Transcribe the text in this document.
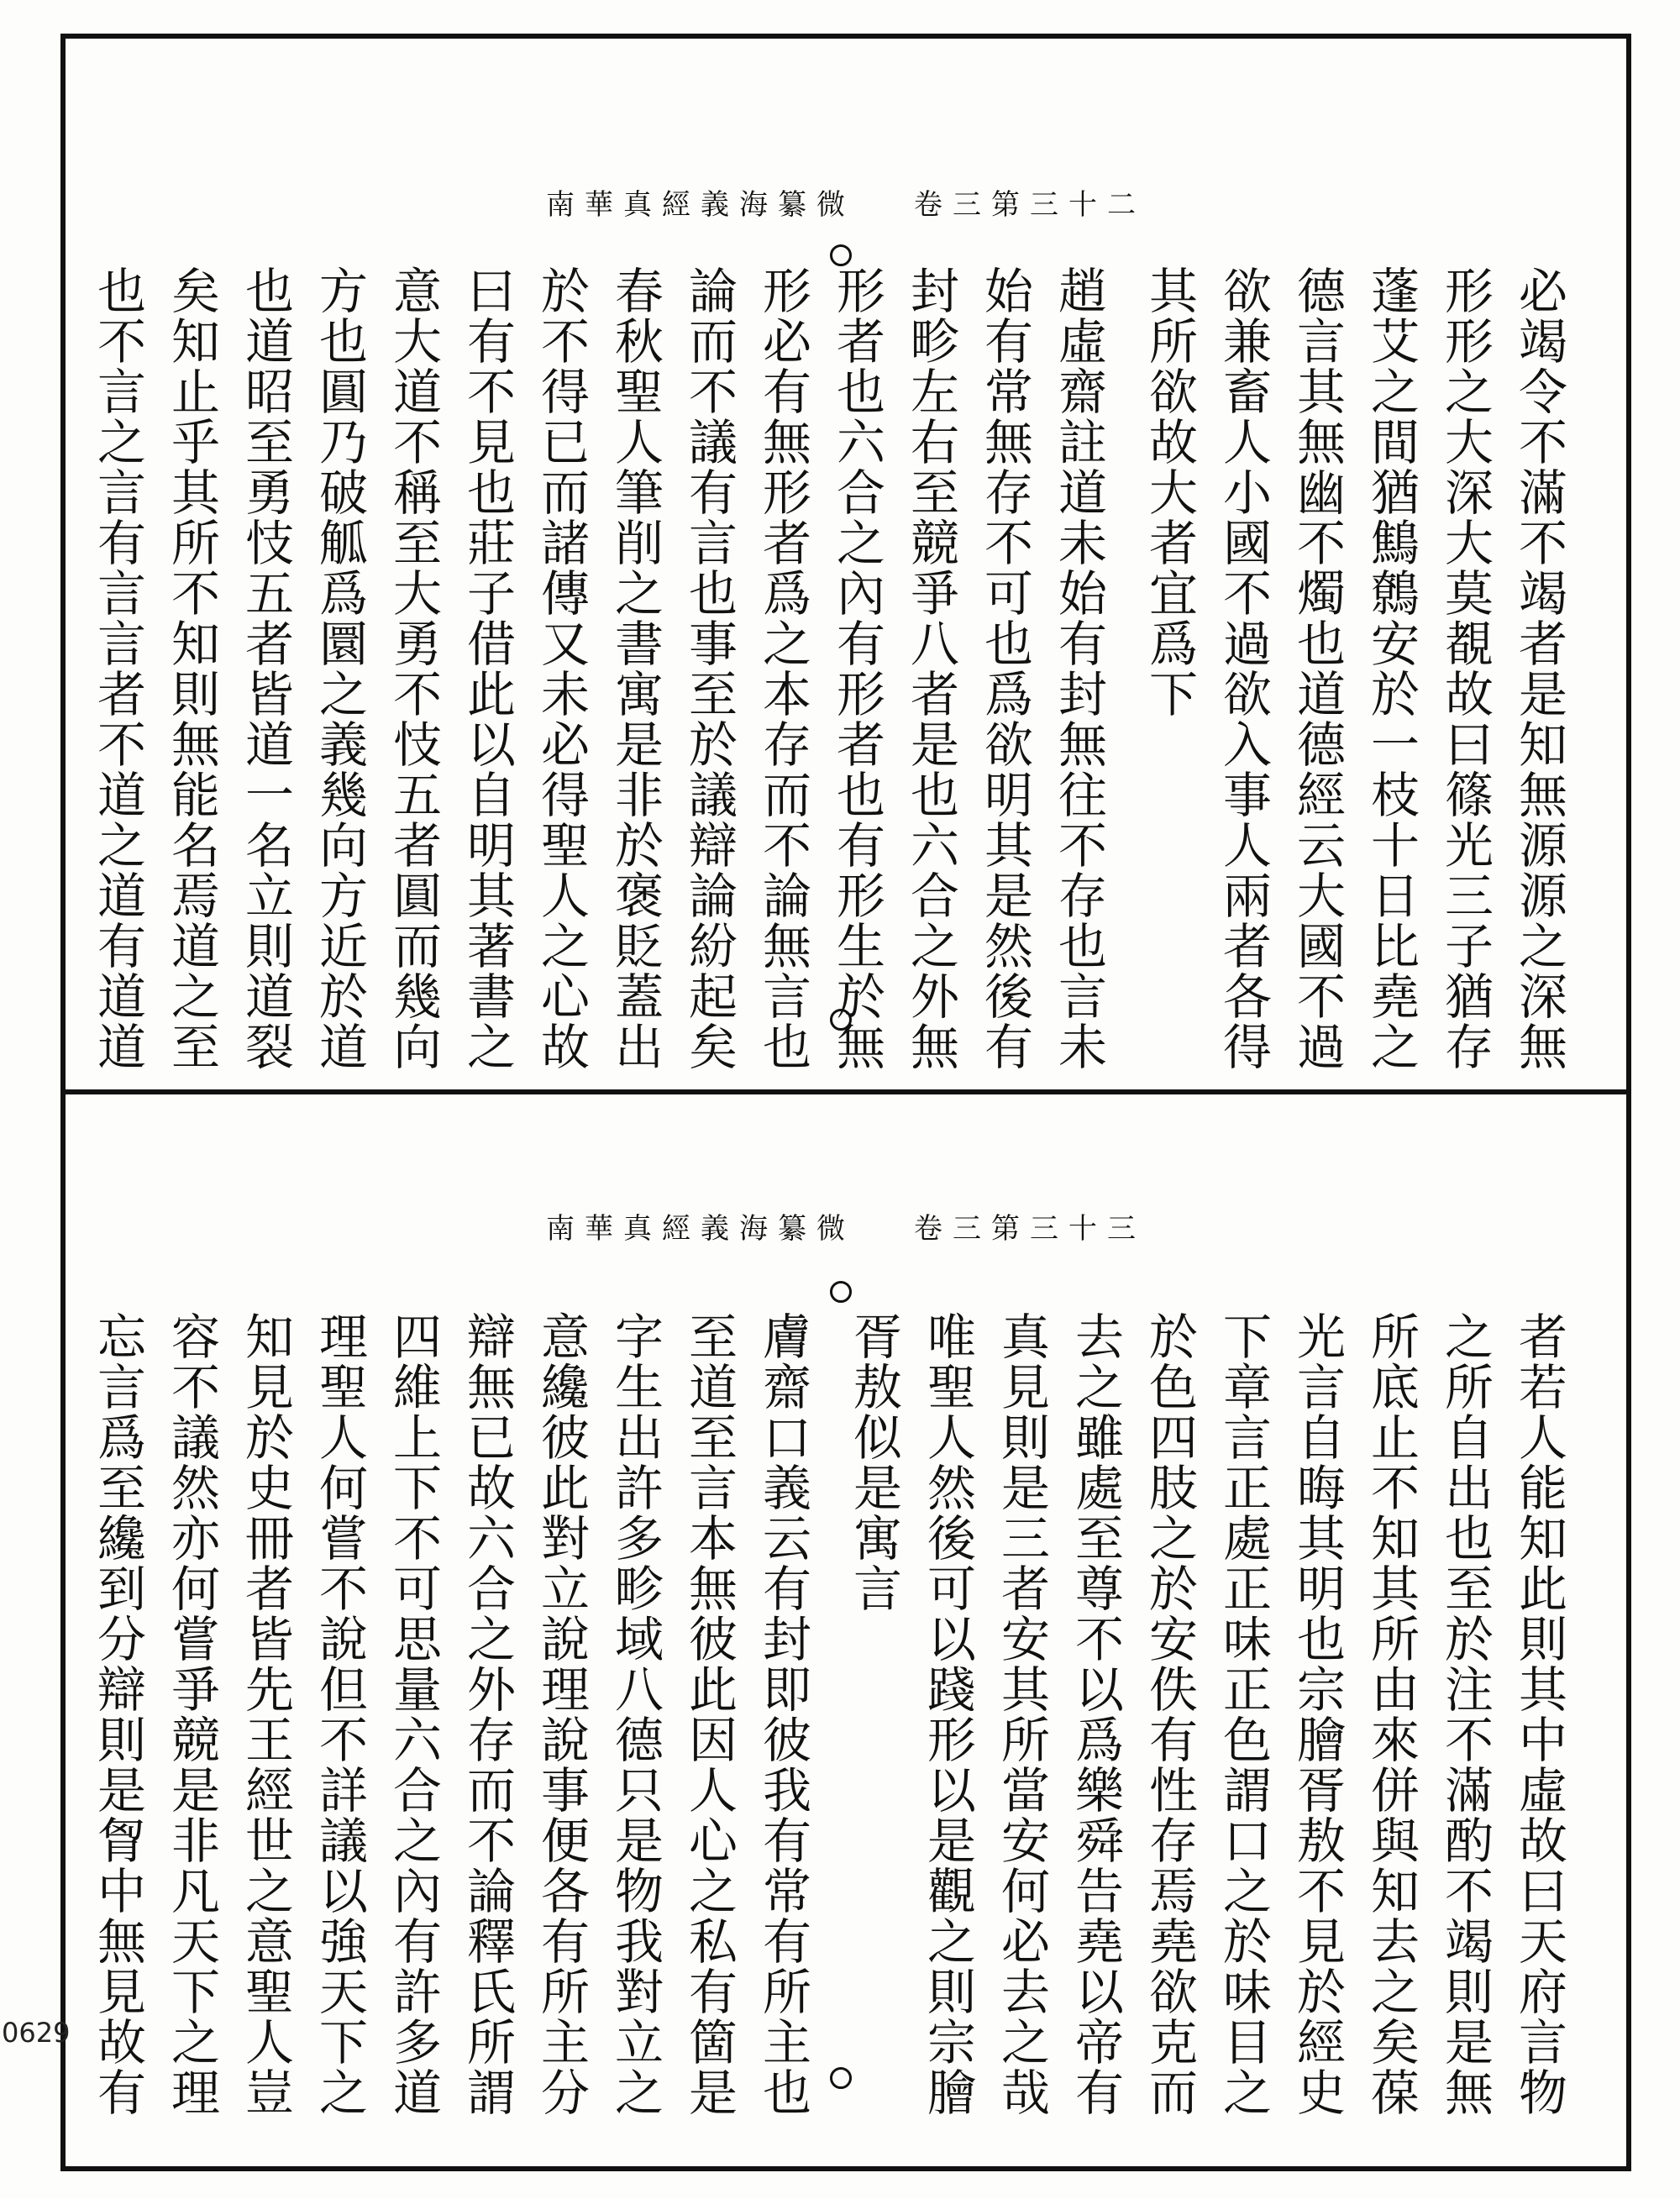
南華真經義海纂微 卷三第三十二
必竭令不滿不竭者是知無源源之深無
形形之大深大莫覩故曰篠光三子猶存
蓬艾之間猶鷦鷯安於一枝十日比堯之
德言其無幽不燭也道德經云大國不過
欲兼畜人小國不過欲入事人兩者各得
其所欲故大者宜爲下
趙虛齋註道未始有封無往不存也言未
始有常無存不可也爲欲明其是然後有
封畛左右至競爭八者是也六合之外無
形者也六合之內有形者也有形生於無
形必有無形者爲之本存而不論無言也
論而不議有言也事至於議辯論紛起矣
春秋聖人筆削之書寓是非於褒貶蓋出
於不得已而諸傳又未必得聖人之心故
曰有不見也莊子借此以自明其著書之
意大道不稱至大勇不忮五者圓而幾向
方也圓乃破觚爲圜之義幾向方近於道
也道昭至勇忮五者皆道一名立則道裂
矣知止乎其所不知則無能名焉道之至
也不言之言有言言者不道之道有道道
南華真經義海纂微 卷三第三十三
者若人能知此則其中虛故曰天府言物
之所自出也至於注不滿酌不竭則是無
所底止不知其所由來併與知去之矣葆
光言自晦其明也宗膾胥敖不見於經史
下章言正處正味正色謂口之於味目之
於色四肢之於安佚有性存焉堯欲克而
去之雖處至尊不以爲樂舜告堯以帝有
真見則是三者安其所當安何必去之哉
唯聖人然後可以踐形以是觀之則宗膾
胥敖似是寓言
膚齋口義云有封即彼我有常有所主也
至道至言本無彼此因人心之私有箇是
字生出許多畛域八德只是物我對立之
意纔彼此對立說理說事便各有所主分
辯無已故六合之外存而不論釋氏所謂
四維上下不可思量六合之內有許多道
理聖人何嘗不說但不詳議以強天下之
知見於史冊者皆先王經世之意聖人豈
容不議然亦何嘗爭競是非凡天下之理
忘言爲至纔到分辯則是胷中無見故有
0629
